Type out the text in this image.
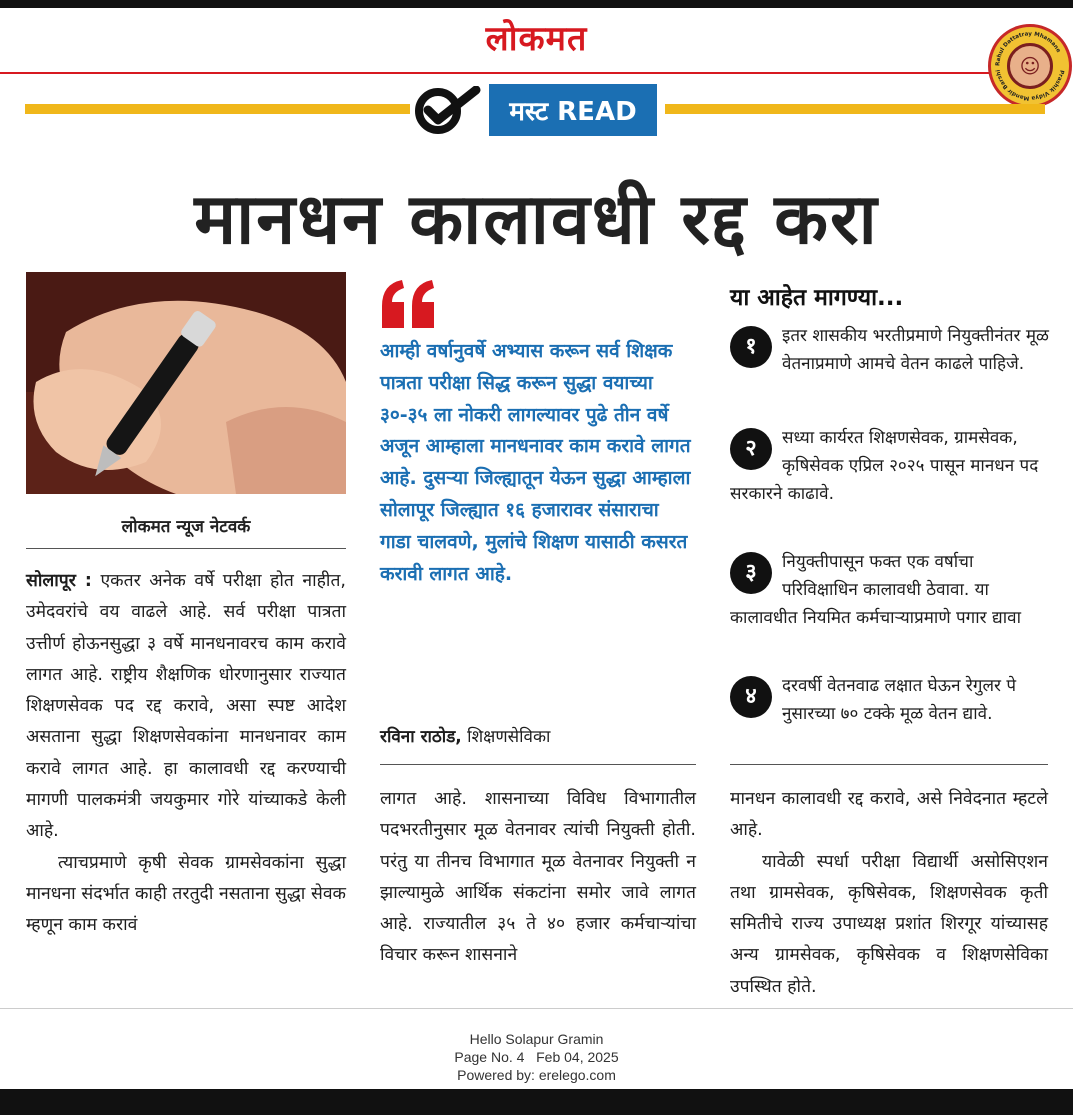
लोकमत
Rahul Dattatray Mhamane
Prashik Vidya Mandir Barshi ☺
मस्ट READ
मानधन कालावधी रद्द करा
लोकमत न्यूज नेटवर्क

सोलापूर : एकतर अनेक वर्षे परीक्षा होत नाहीत, उमेदवरांचे वय वाढले आहे. सर्व परीक्षा पात्रता उत्तीर्ण होऊनसुद्धा ३ वर्षे मानधनावरच काम करावे लागत आहे. राष्ट्रीय शैक्षणिक धोरणानुसार राज्यात शिक्षणसेवक पद रद्द करावे, असा स्पष्ट आदेश असताना सुद्धा शिक्षणसेवकांना मानधनावर काम करावे लागत आहे. हा कालावधी रद्द करण्याची मागणी पालकमंत्री जयकुमार गोरे यांच्याकडे केली आहे.

त्याचप्रमाणे कृषी सेवक ग्रामसेवकांना सुद्धा मानधना संदर्भात काही तरतुदी नसताना सुद्धा सेवक म्हणून काम करावं

आम्ही वर्षानुवर्षे अभ्यास करून सर्व शिक्षक पात्रता परीक्षा सिद्ध करून सुद्धा वयाच्या ३०-३५ ला नोकरी लागल्यावर पुढे तीन वर्षे अजून आम्हाला मानधनावर काम करावे लागत आहे. दुसऱ्या जिल्ह्यातून येऊन सुद्धा आम्हाला सोलापूर जिल्ह्यात १६ हजारावर संसाराचा गाडा चालवणे, मुलांचे शिक्षण यासाठी कसरत करावी लागत आहे.
रविना राठोड, शिक्षणसेविका

लागत आहे. शासनाच्या विविध विभागातील पदभरतीनुसार मूळ वेतनावर त्यांची नियुक्ती होती. परंतु या तीनच विभागात मूळ वेतनावर नियुक्ती न झाल्यामुळे आर्थिक संकटांना समोर जावे लागत आहे. राज्यातील ३५ ते ४० हजार कर्मचाऱ्यांचा विचार करून शासनाने

या आहेत मागण्या...
१	इतर शासकीय भरतीप्रमाणे नियुक्तीनंतर मूळ वेतनाप्रमाणे आमचे वेतन काढले पाहिजे.
२	सध्या कार्यरत शिक्षणसेवक, ग्रामसेवक, कृषिसेवक एप्रिल २०२५ पासून मानधन पद सरकारने काढावे.
३	नियुक्तीपासून फक्त एक वर्षाचा परिविक्षाधिन कालावधी ठेवावा. या कालावधीत नियमित कर्मचाऱ्याप्रमाणे पगार द्यावा
४	दरवर्षी वेतनवाढ लक्षात घेऊन रेगुलर पे नुसारच्या ७० टक्के मूळ वेतन द्यावे.

मानधन कालावधी रद्द करावे, असे निवेदनात म्हटले आहे.

यावेळी स्पर्धा परीक्षा विद्यार्थी असोसिएशन तथा ग्रामसेवक, कृषिसेवक, शिक्षणसेवक कृती समितीचे राज्य उपाध्यक्ष प्रशांत शिरगूर यांच्यासह अन्य ग्रामसेवक, कृषिसेवक व शिक्षणसेविका उपस्थित होते.

Hello Solapur Gramin
Page No. 4 Feb 04, 2025
Powered by: erelego.com
